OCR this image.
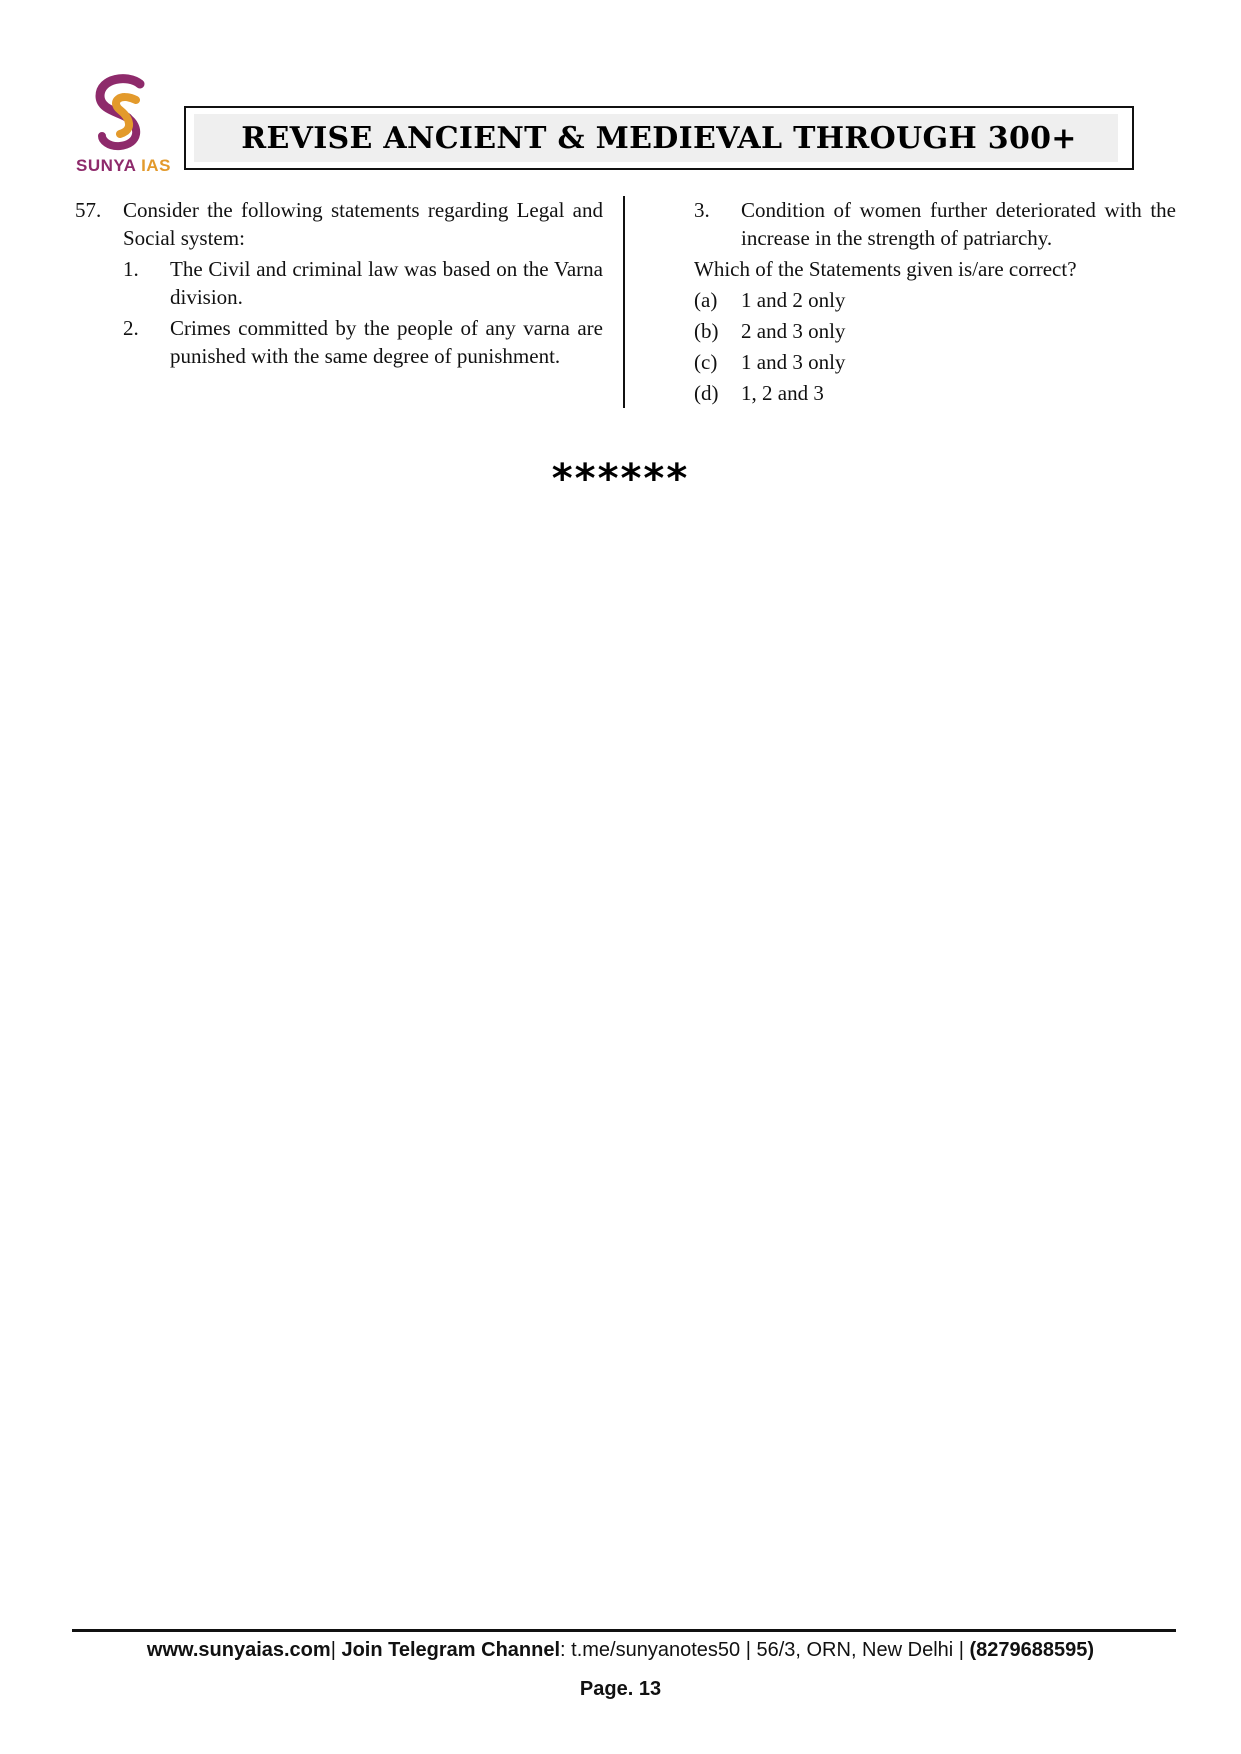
SUNYA IAS
REVISE ANCIENT & MEDIEVAL THROUGH 300+
57.	Consider the following statements regarding Legal and Social system:
1.	The Civil and criminal law was based on the Varna division.
2.	Crimes committed by the people of any varna are punished with the same degree of punishment.
3.	Condition of women further deteriorated with the increase in the strength of patriarchy.
Which of the Statements given is/are correct?
(a)	1 and 2 only
(b)	2 and 3 only
(c)	1 and 3 only
(d)	1, 2 and 3
******
www.sunyaias.com| Join Telegram Channel: t.me/sunyanotes50 | 56/3, ORN, New Delhi | (8279688595)
Page. 13
